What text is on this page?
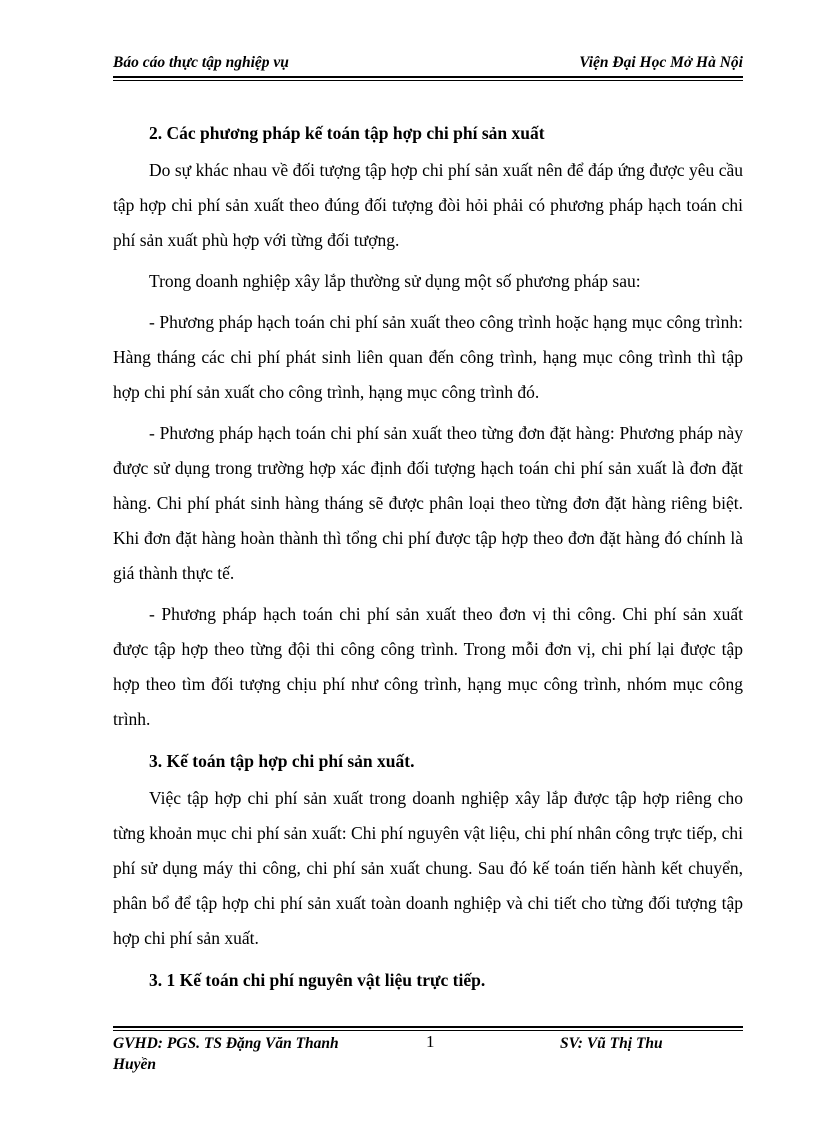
Báo cáo thực tập nghiệp vụ	Viện Đại Học Mở Hà Nội

2. Các phương pháp kế toán tập hợp chi phí sản xuất

Do sự khác nhau về đối tượng tập hợp chi phí sản xuất nên để đáp ứng được yêu cầu tập hợp chi phí sản xuất theo đúng đối tượng đòi hỏi phải có phương pháp hạch toán chi phí sản xuất phù hợp với từng đối tượng.

Trong doanh nghiệp xây lắp thường sử dụng một số phương pháp sau:

- Phương pháp hạch toán chi phí sản xuất theo công trình hoặc hạng mục công trình: Hàng tháng các chi phí phát sinh liên quan đến công trình, hạng mục công trình thì tập hợp chi phí sản xuất cho công trình, hạng mục công trình đó.

- Phương pháp hạch toán chi phí sản xuất theo từng đơn đặt hàng: Phương pháp này được sử dụng trong trường hợp xác định đối tượng hạch toán chi phí sản xuất là đơn đặt hàng. Chi phí phát sinh hàng tháng sẽ được phân loại theo từng đơn đặt hàng riêng biệt. Khi đơn đặt hàng hoàn thành thì tổng chi phí được tập hợp theo đơn đặt hàng đó chính là giá thành thực tế.

- Phương pháp hạch toán chi phí sản xuất theo đơn vị thi công. Chi phí sản xuất được tập hợp theo từng đội thi công công trình. Trong mỗi đơn vị, chi phí lại được tập hợp theo tìm đối tượng chịu phí như công trình, hạng mục công trình, nhóm mục công trình.

3. Kế toán tập hợp chi phí sản xuất.

Việc tập hợp chi phí sản xuất trong doanh nghiệp xây lắp được tập hợp riêng cho từng khoản mục chi phí sản xuất: Chi phí nguyên vật liệu, chi phí nhân công trực tiếp, chi phí sử dụng máy thi công, chi phí sản xuất chung. Sau đó kế toán tiến hành kết chuyển, phân bổ để tập hợp chi phí sản xuất toàn doanh nghiệp và chi tiết cho từng đối tượng tập hợp chi phí sản xuất.

3. 1 Kế toán chi phí nguyên vật liệu trực tiếp.

GVHD: PGS. TS Đặng Văn Thanh Huyền
1	SV: Vũ Thị Thu
